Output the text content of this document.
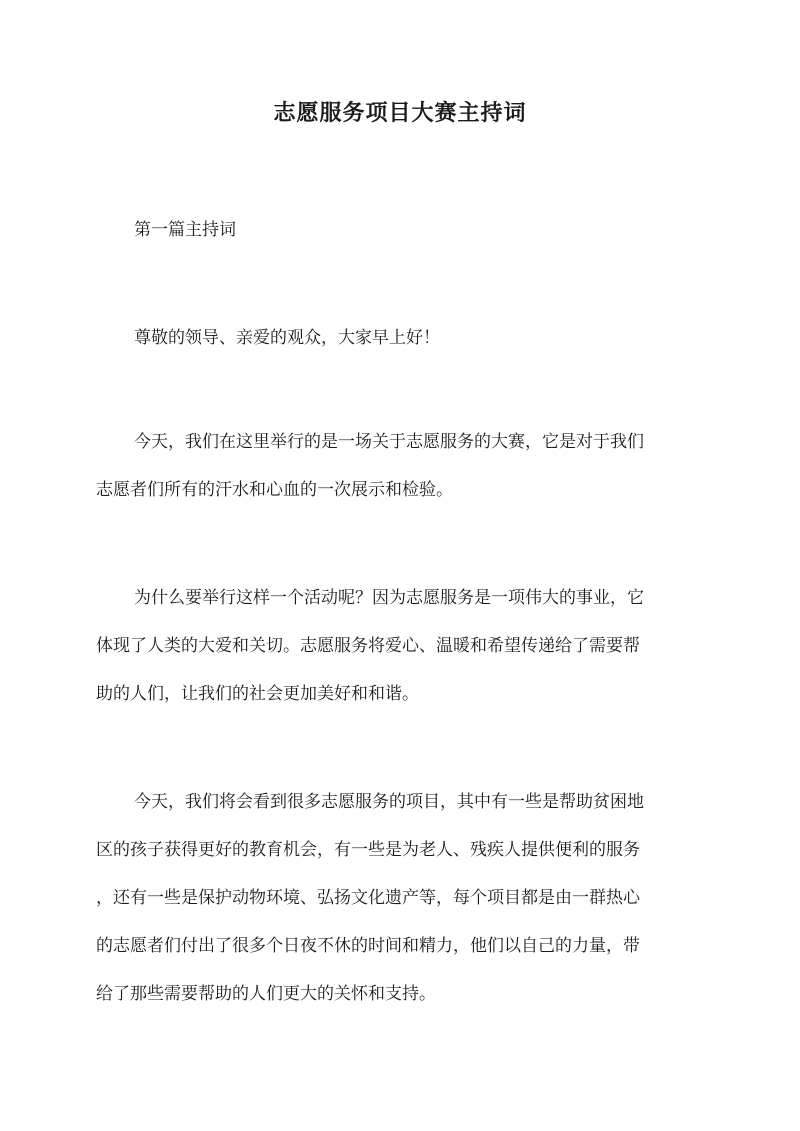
志愿服务项目大赛主持词
第一篇主持词
尊敬的领导、亲爱的观众，大家早上好！
今天，我们在这里举行的是一场关于志愿服务的大赛，它是对于我们
志愿者们所有的汗水和心血的一次展示和检验。
为什么要举行这样一个活动呢？因为志愿服务是一项伟大的事业，它
体现了人类的大爱和关切。志愿服务将爱心、温暖和希望传递给了需要帮
助的人们，让我们的社会更加美好和和谐。
今天，我们将会看到很多志愿服务的项目，其中有一些是帮助贫困地
区的孩子获得更好的教育机会，有一些是为老人、残疾人提供便利的服务
，还有一些是保护动物环境、弘扬文化遗产等，每个项目都是由一群热心
的志愿者们付出了很多个日夜不休的时间和精力，他们以自己的力量，带
给了那些需要帮助的人们更大的关怀和支持。
